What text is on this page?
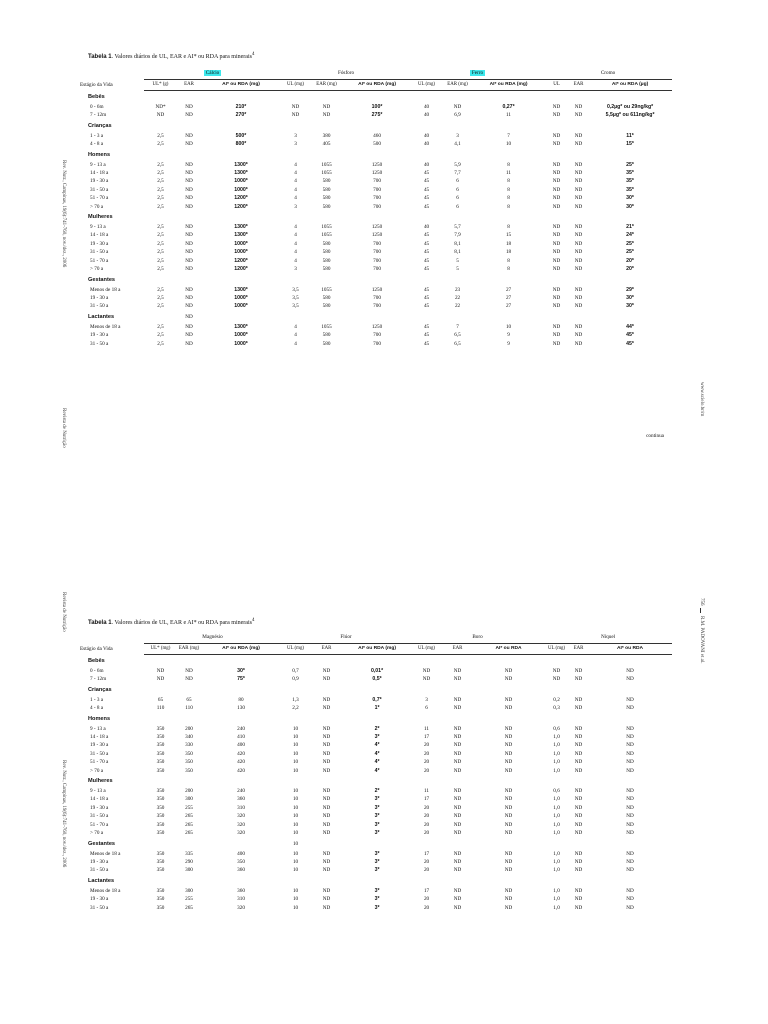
Tabela 1. Valores diários de UL, EAR e AI* ou RDA para minerais$^4$
Estágio da Vida	Cálcio			Fósforo			Ferro			Cromo		
	UL* (g)	EAR	AI* ou RDA (mg)	UL (mg)	EAR (mg)	AI* ou RDA (mg)	UL (mg)	EAR (mg)	AI* ou RDA (mg)	UL	EAR	AI* ou RDA (µg)
Bebês												
0 - 6m	ND*	ND	210*	ND	ND	100*	40	ND	0,27*	ND	ND	0,2µg* ou 29ng/kg*
7 - 12m	ND	ND	270*	ND	ND	275*	40	6,9	11	ND	ND	5,5µg* ou 611ng/kg*
Crianças												
1 - 3 a	2,5	ND	500*	3	380	460	40	3	7	ND	ND	11*
4 - 8 a	2,5	ND	800*	3	405	500	40	4,1	10	ND	ND	15*
Homens												
9 - 13 a	2,5	ND	1300*	4	1055	1250	40	5,9	8	ND	ND	25*
14 - 18 a	2,5	ND	1300*	4	1055	1250	45	7,7	11	ND	ND	35*
19 - 30 a	2,5	ND	1000*	4	580	700	45	6	8	ND	ND	35*
31 - 50 a	2,5	ND	1000*	4	580	700	45	6	8	ND	ND	35*
51 - 70 a	2,5	ND	1200*	4	580	700	45	6	8	ND	ND	30*
> 70 a	2,5	ND	1200*	3	580	700	45	6	8	ND	ND	30*
Mulheres												
9 - 13 a	2,5	ND	1300*	4	1055	1250	40	5,7	8	ND	ND	21*
14 - 18 a	2,5	ND	1300*	4	1055	1250	45	7,9	15	ND	ND	24*
19 - 30 a	2,5	ND	1000*	4	580	700	45	8,1	18	ND	ND	25*
31 - 50 a	2,5	ND	1000*	4	580	700	45	8,1	18	ND	ND	25*
51 - 70 a	2,5	ND	1200*	4	580	700	45	5	8	ND	ND	20*
> 70 a	2,5	ND	1200*	3	580	700	45	5	8	ND	ND	20*
Gestantes												
Menos de 18 a	2,5	ND	1300*	3,5	1055	1250	45	23	27	ND	ND	29*
19 - 30 a	2,5	ND	1000*	3,5	580	700	45	22	27	ND	ND	30*
31 - 50 a	2,5	ND	1000*	3,5	580	700	45	22	27	ND	ND	30*
Lactantes		ND										
Menos de 18 a	2,5	ND	1300*	4	1055	1250	45	7	10	ND	ND	44*
19 - 30 a	2,5	ND	1000*	4	580	700	45	6,5	9	ND	ND	45*
31 - 50 a	2,5	ND	1000*	4	580	700	45	6,5	9	ND	ND	45*
Rev. Nutr., Campinas, 19(6):741-760, nov./dez., 2006
Revista de Nutrição
www.scielo.br/rn
continua
Tabela 1. Valores diários de UL, EAR e AI* ou RDA para minerais$^4$
Estágio da Vida	Magnésio			Flúor			Boro			Níquel		
	UL* (mg)	EAR (mg)	AI* ou RDA (mg)	UL (mg)	EAR	AI* ou RDA (mg)	UL (mg)	EAR	AI* ou RDA	UL (mg)	EAR	AI* ou RDA
Bebês												
0 - 6m	ND	ND	30*	0,7	ND	0,01*	ND	ND	ND	ND	ND	ND
7 - 12m	ND	ND	75*	0,9	ND	0,5*	ND	ND	ND	ND	ND	ND
Crianças												
1 - 3 a	65	65	80	1,3	ND	0,7*	3	ND	ND	0,2	ND	ND
4 - 8 a	110	110	130	2,2	ND	1*	6	ND	ND	0,3	ND	ND
Homens												
9 - 13 a	350	200	240	10	ND	2*	11	ND	ND	0,6	ND	ND
14 - 18 a	350	340	410	10	ND	3*	17	ND	ND	1,0	ND	ND
19 - 30 a	350	330	400	10	ND	4*	20	ND	ND	1,0	ND	ND
31 - 50 a	350	350	420	10	ND	4*	20	ND	ND	1,0	ND	ND
51 - 70 a	350	350	420	10	ND	4*	20	ND	ND	1,0	ND	ND
> 70 a	350	350	420	10	ND	4*	20	ND	ND	1,0	ND	ND
Mulheres												
9 - 13 a	350	200	240	10	ND	2*	11	ND	ND	0,6	ND	ND
14 - 18 a	350	300	360	10	ND	3*	17	ND	ND	1,0	ND	ND
19 - 30 a	350	255	310	10	ND	3*	20	ND	ND	1,0	ND	ND
31 - 50 a	350	265	320	10	ND	3*	20	ND	ND	1,0	ND	ND
51 - 70 a	350	265	320	10	ND	3*	20	ND	ND	1,0	ND	ND
> 70 a	350	265	320	10	ND	3*	20	ND	ND	1,0	ND	ND
Gestantes				10								
Menos de 18 a	350	335	400	10	ND	3*	17	ND	ND	1,0	ND	ND
19 - 30 a	350	290	350	10	ND	3*	20	ND	ND	1,0	ND	ND
31 - 50 a	350	300	360	10	ND	3*	20	ND	ND	1,0	ND	ND
Lactantes												
Menos de 18 a	350	300	360	10	ND	3*	17	ND	ND	1,0	ND	ND
19 - 30 a	350	255	310	10	ND	3*	20	ND	ND	1,0	ND	ND
31 - 50 a	350	265	320	10	ND	3*	20	ND	ND	1,0	ND	ND
Revista de Nutrição
Rev. Nutr., Campinas, 19(6):741-760, nov./dez., 2006
756
R.M. PADOVANI et al.
